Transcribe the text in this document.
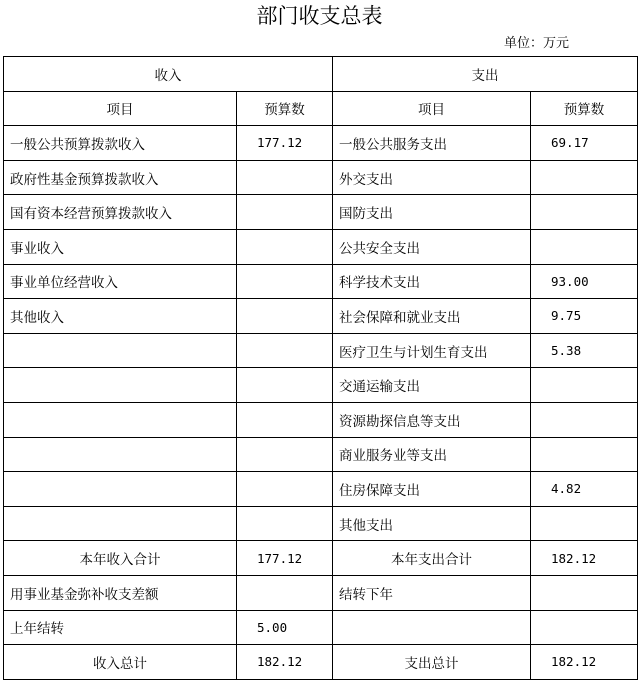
部门收支总表
单位：万元
收入		支出	
项目	预算数	项目	预算数
一般公共预算拨款收入	177.12	一般公共服务支出	69.17
政府性基金预算拨款收入		外交支出	
国有资本经营预算拨款收入		国防支出	
事业收入		公共安全支出	
事业单位经营收入		科学技术支出	93.00
其他收入		社会保障和就业支出	9.75
		医疗卫生与计划生育支出	5.38
		交通运输支出	
		资源勘探信息等支出	
		商业服务业等支出	
		住房保障支出	4.82
		其他支出	
本年收入合计	177.12	本年支出合计	182.12
用事业基金弥补收支差额		结转下年	
上年结转	5.00		
收入总计	182.12	支出总计	182.12
